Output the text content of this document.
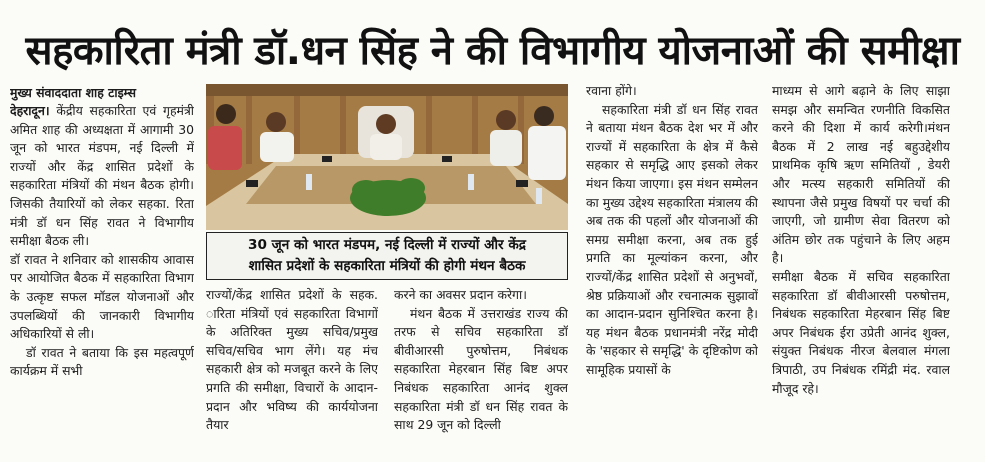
सहकारिता मंत्री डॉ.धन सिंह ने की विभागीय योजनाओं की समीक्षा
मुख्य संवाददाता शाह टाइम्स

देहरादून। केंद्रीय सहकारिता एवं गृहमंत्री अमित शाह की अध्यक्षता में आगामी 30 जून को भारत मंडपम, नई दिल्ली में राज्यों और केंद्र शासित प्रदेशों के सहकारिता मंत्रियों की मंथन बैठक होगी। जिसकी तैयारियों को लेकर सहका. रिता मंत्री डॉ धन सिंह रावत ने विभागीय समीक्षा बैठक ली।

डॉ रावत ने शनिवार को शासकीय आवास पर आयोजित बैठक में सहकारिता विभाग के उत्कृष्ट सफल मॉडल योजनाओं और उपलब्धियों की जानकारी विभागीय अधिकारियों से ली।

डॉ रावत ने बताया कि इस महत्वपूर्ण कार्यक्रम में सभी

30 जून को भारत मंडपम, नई दिल्ली में राज्यों और केंद्र
शासित प्रदेशों के सहकारिता मंत्रियों की होगी मंथन बैठक

राज्यों/केंद्र शासित प्रदेशों के सहक. ारिता मंत्रियों एवं सहकारिता विभागों के अतिरिक्त मुख्य सचिव/प्रमुख सचिव/सचिव भाग लेंगे। यह मंच सहकारी क्षेत्र को मजबूत करने के लिए प्रगति की समीक्षा, विचारों के आदान-प्रदान और भविष्य की कार्ययोजना तैयार

करने का अवसर प्रदान करेगा।

मंथन बैठक में उत्तराखंड राज्य की तरफ से सचिव सहकारिता डॉ बीवीआरसी पुरुषोत्तम, निबंधक सहकारिता मेहरबान सिंह बिष्ट अपर निबंधक सहकारिता आनंद शुक्ल सहकारिता मंत्री डॉ धन सिंह रावत के साथ 29 जून को दिल्ली

रवाना होंगे।

सहकारिता मंत्री डॉ धन सिंह रावत ने बताया मंथन बैठक देश भर में और राज्यों में सहकारिता के क्षेत्र में कैसे सहकार से समृद्धि आए इसको लेकर मंथन किया जाएगा। इस मंथन सम्मेलन का मुख्य उद्देश्य सहकारिता मंत्रालय की अब तक की पहलों और योजनाओं की समग्र समीक्षा करना, अब तक हुई प्रगति का मूल्यांकन करना, और राज्यों/केंद्र शासित प्रदेशों से अनुभवों, श्रेष्ठ प्रक्रियाओं और रचनात्मक सुझावों का आदान-प्रदान सुनिश्चित करना है। यह मंथन बैठक प्रधानमंत्री नरेंद्र मोदी के 'सहकार से समृद्धि' के दृष्टिकोण को सामूहिक प्रयासों के

माध्यम से आगे बढ़ाने के लिए साझा समझ और समन्वित रणनीति विकसित करने की दिशा में कार्य करेगी।मंथन बैठक में 2 लाख नई बहुउद्देशीय प्राथमिक कृषि ऋण समितियों , डेयरी और मत्स्य सहकारी समितियों की स्थापना जैसे प्रमुख विषयों पर चर्चा की जाएगी, जो ग्रामीण सेवा वितरण को अंतिम छोर तक पहुंचाने के लिए अहम है।

समीक्षा बैठक में सचिव सहकारिता सहकारिता डॉ बीवीआरसी परुषोत्तम, निबंधक सहकारिता मेहरबान सिंह बिष्ट अपर निबंधक ईरा उप्रेती आनंद शुक्ल, संयुक्त निबंधक नीरज बेलवाल मंगला त्रिपाठी, उप निबंधक रमिंद्री मंद. रवाल मौजूद रहे।
